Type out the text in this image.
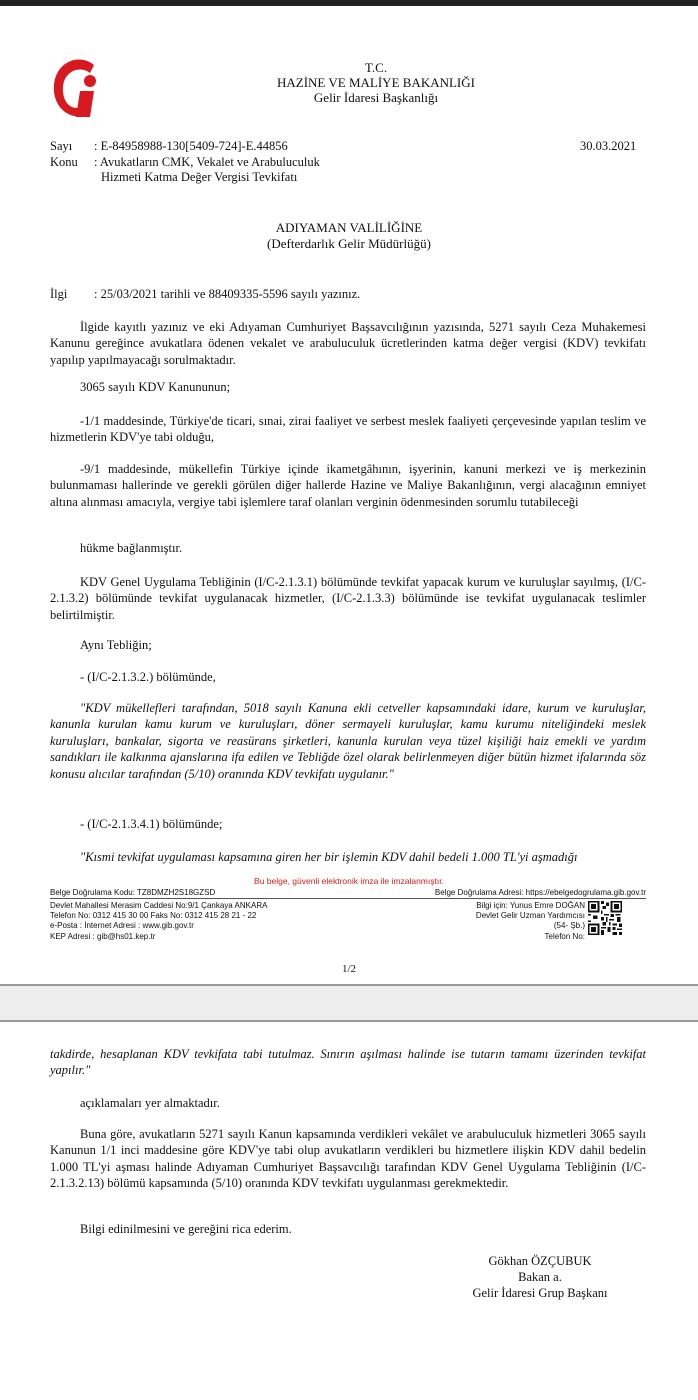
T.C.
HAZİNE VE MALİYE BAKANLIĞI
Gelir İdaresi Başkanlığı
Sayı : E-84958988-130[5409-724]-E.44856	30.03.2021
Konu : Avukatların CMK, Vekalet ve Arabuluculuk
Hizmeti Katma Değer Vergisi Tevkifatı
ADIYAMAN VALİLİĞİNE
(Defterdarlık Gelir Müdürlüğü)
İlgi : 25/03/2021 tarihli ve 88409335-5596 sayılı yazınız.
İlgide kayıtlı yazınız ve eki Adıyaman Cumhuriyet Başsavcılığının yazısında, 5271 sayılı Ceza Muhakemesi Kanunu gereğince avukatlara ödenen vekalet ve arabuluculuk ücretlerinden katma değer vergisi (KDV) tevkifatı yapılıp yapılmayacağı sorulmaktadır.
3065 sayılı KDV Kanununun;
-1/1 maddesinde, Türkiye'de ticari, sınai, zirai faaliyet ve serbest meslek faaliyeti çerçevesinde yapılan teslim ve hizmetlerin KDV'ye tabi olduğu,
-9/1 maddesinde, mükellefin Türkiye içinde ikametgâhının, işyerinin, kanuni merkezi ve iş merkezinin bulunmaması hallerinde ve gerekli görülen diğer hallerde Hazine ve Maliye Bakanlığının, vergi alacağının emniyet altına alınması amacıyla, vergiye tabi işlemlere taraf olanları verginin ödenmesinden sorumlu tutabileceği
hükme bağlanmıştır.
KDV Genel Uygulama Tebliğinin (I/C-2.1.3.1) bölümünde tevkifat yapacak kurum ve kuruluşlar sayılmış, (I/C-2.1.3.2) bölümünde tevkifat uygulanacak hizmetler, (I/C-2.1.3.3) bölümünde ise tevkifat uygulanacak teslimler belirtilmiştir.
Aynı Tebliğin;
- (I/C-2.1.3.2.) bölümünde,
"KDV mükellefleri tarafından, 5018 sayılı Kanuna ekli cetveller kapsamındaki idare, kurum ve kuruluşlar, kanunla kurulan kamu kurum ve kuruluşları, döner sermayeli kuruluşlar, kamu kurumu niteliğindeki meslek kuruluşları, bankalar, sigorta ve reasürans şirketleri, kanunla kurulan veya tüzel kişiliği haiz emekli ve yardım sandıkları ile kalkınma ajanslarına ifa edilen ve Tebliğde özel olarak belirlenmeyen diğer bütün hizmet ifalarında söz konusu alıcılar tarafından (5/10) oranında KDV tevkifatı uygulanır."
- (I/C-2.1.3.4.1) bölümünde;
"Kısmi tevkifat uygulaması kapsamına giren her bir işlemin KDV dahil bedeli 1.000 TL'yi aşmadığı
Bu belge, güvenli elektronik imza ile imzalanmıştır.
Belge Doğrulama Kodu: TZ8DMZH2S18GZSD	Belge Doğrulama Adresi: https://ebelgedogrulama.gib.gov.tr
Devlet Mahallesi Merasim Caddesi No:9/1 Çankaya ANKARA
Telefon No: 0312 415 30 00 Faks No: 0312 415 28 21 - 22
e-Posta : İnternet Adresi : www.gib.gov.tr
KEP Adresi : gib@hs01.kep.tr
Bilgi için: Yunus Emre DOĞAN
Devlet Gelir Uzman Yardımcısı
(54- Şb.)
Telefon No:
1/2
takdirde, hesaplanan KDV tevkifata tabi tutulmaz. Sınırın aşılması halinde ise tutarın tamamı üzerinden tevkifat yapılır."
açıklamaları yer almaktadır.
Buna göre, avukatların 5271 sayılı Kanun kapsamında verdikleri vekâlet ve arabuluculuk hizmetleri 3065 sayılı Kanunun 1/1 inci maddesine göre KDV'ye tabi olup avukatların verdikleri bu hizmetlere ilişkin KDV dahil bedelin 1.000 TL'yi aşması halinde Adıyaman Cumhuriyet Başsavcılığı tarafından KDV Genel Uygulama Tebliğinin (I/C-2.1.3.2.13) bölümü kapsamında (5/10) oranında KDV tevkifatı uygulanması gerekmektedir.
Bilgi edinilmesini ve gereğini rica ederim.
Gökhan ÖZÇUBUK
Bakan a.
Gelir İdaresi Grup Başkanı
